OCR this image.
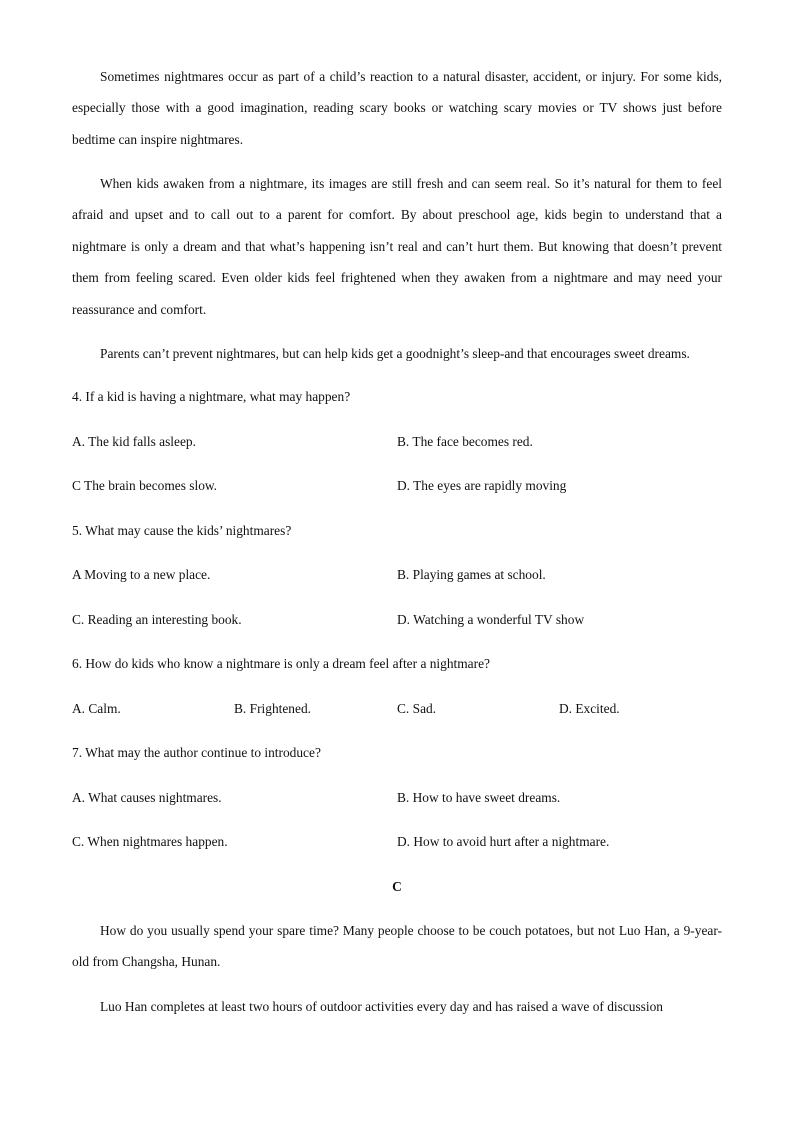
Sometimes nightmares occur as part of a child’s reaction to a natural disaster, accident, or injury. For some kids, especially those with a good imagination, reading scary books or watching scary movies or TV shows just before bedtime can inspire nightmares.

When kids awaken from a nightmare, its images are still fresh and can seem real. So it’s natural for them to feel afraid and upset and to call out to a parent for comfort. By about preschool age, kids begin to understand that a nightmare is only a dream and that what’s happening isn’t real and can’t hurt them. But knowing that doesn’t prevent them from feeling scared. Even older kids feel frightened when they awaken from a nightmare and may need your reassurance and comfort.

Parents can’t prevent nightmares, but can help kids get a goodnight’s sleep-and that encourages sweet dreams.

4. If a kid is having a nightmare, what may happen?
A. The kid falls asleep.	B. The face becomes red.
C The brain becomes slow.	D. The eyes are rapidly moving
5. What may cause the kids’ nightmares?
A Moving to a new place.	B. Playing games at school.
C. Reading an interesting book.	D. Watching a wonderful TV show
6. How do kids who know a nightmare is only a dream feel after a nightmare?
A. Calm.	B. Frightened.	C. Sad.	D. Excited.
7. What may the author continue to introduce?
A. What causes nightmares.	B. How to have sweet dreams.
C. When nightmares happen.	D. How to avoid hurt after a nightmare.
C

How do you usually spend your spare time? Many people choose to be couch potatoes, but not Luo Han, a 9-year-old from Changsha, Hunan.

Luo Han completes at least two hours of outdoor activities every day and has raised a wave of discussion
